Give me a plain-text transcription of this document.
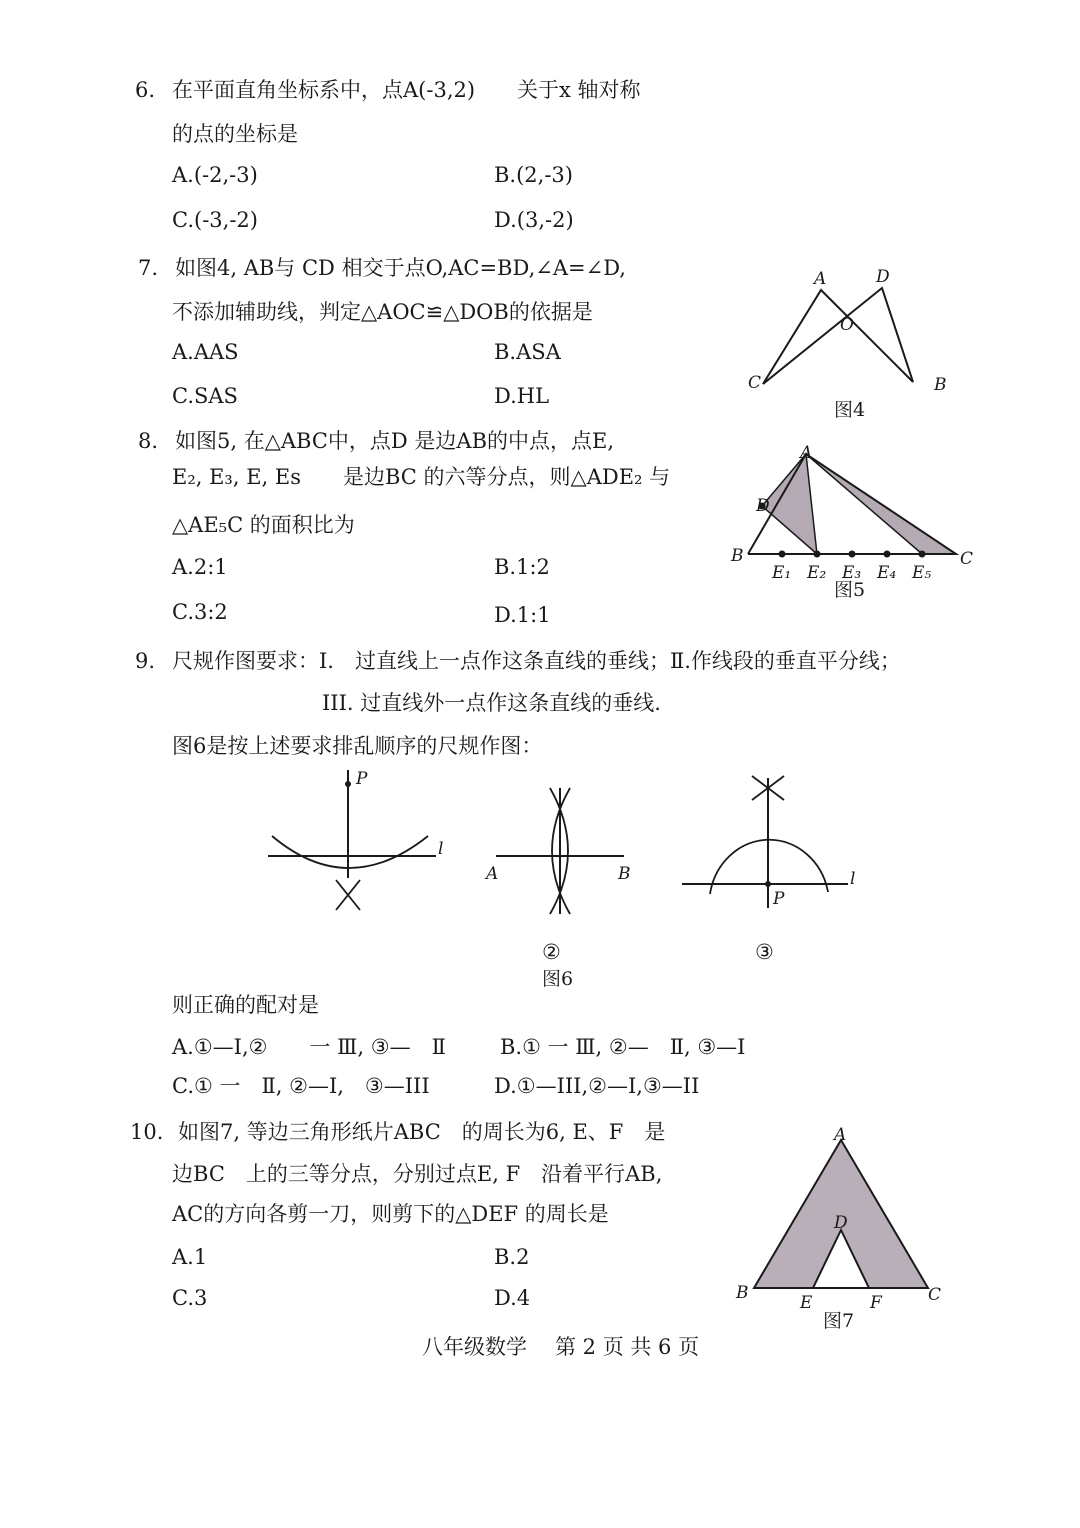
6. 在平面直角坐标系中，点A(-3,2)　　关于x 轴对称
的点的坐标是
A.(-2,-3)	B.(2,-3)
C.(-3,-2)	D.(3,-2)
7. 如图4, AB与 CD 相交于点O,AC=BD,∠A=∠D,
不添加辅助线，判定△AOC≌△DOB的依据是
A.AAS	B.ASA
C.SAS	D.HL
A	D
O
C	B
图4
8. 如图5, 在△ABC中，点D 是边AB的中点，点E,
E₂, E₃, E, Es　　是边BC 的六等分点，则△ADE₂ 与
△AE₅C 的面积比为
A.2:1	B.1:2
C.3:2	D.1:1
A
D
B	C
E₁ E₂ E₃ E₄ E₅
图5
9. 尺规作图要求：I.　过直线上一点作这条直线的垂线；Ⅱ.作线段的垂直平分线；
III. 过直线外一点作这条直线的垂线.
图6是按上述要求排乱顺序的尺规作图：
P
l
A	B
P
l
②	③
图6
则正确的配对是
A.①—I,②　　一 Ⅲ, ③—　Ⅱ	B.① 一 Ⅲ, ②—　Ⅱ, ③—I
C.① 一　Ⅱ, ②—I,　③—III	D.①—III,②—I,③—II
10. 如图7, 等边三角形纸片ABC　的周长为6, E、F　是
边BC　上的三等分点，分别过点E, F　沿着平行AB,
AC的方向各剪一刀，则剪下的△DEF 的周长是
A.1	B.2
C.3	D.4
A
D
B	E	F	C
图7
八年级数学 第 2 页 共 6 页
